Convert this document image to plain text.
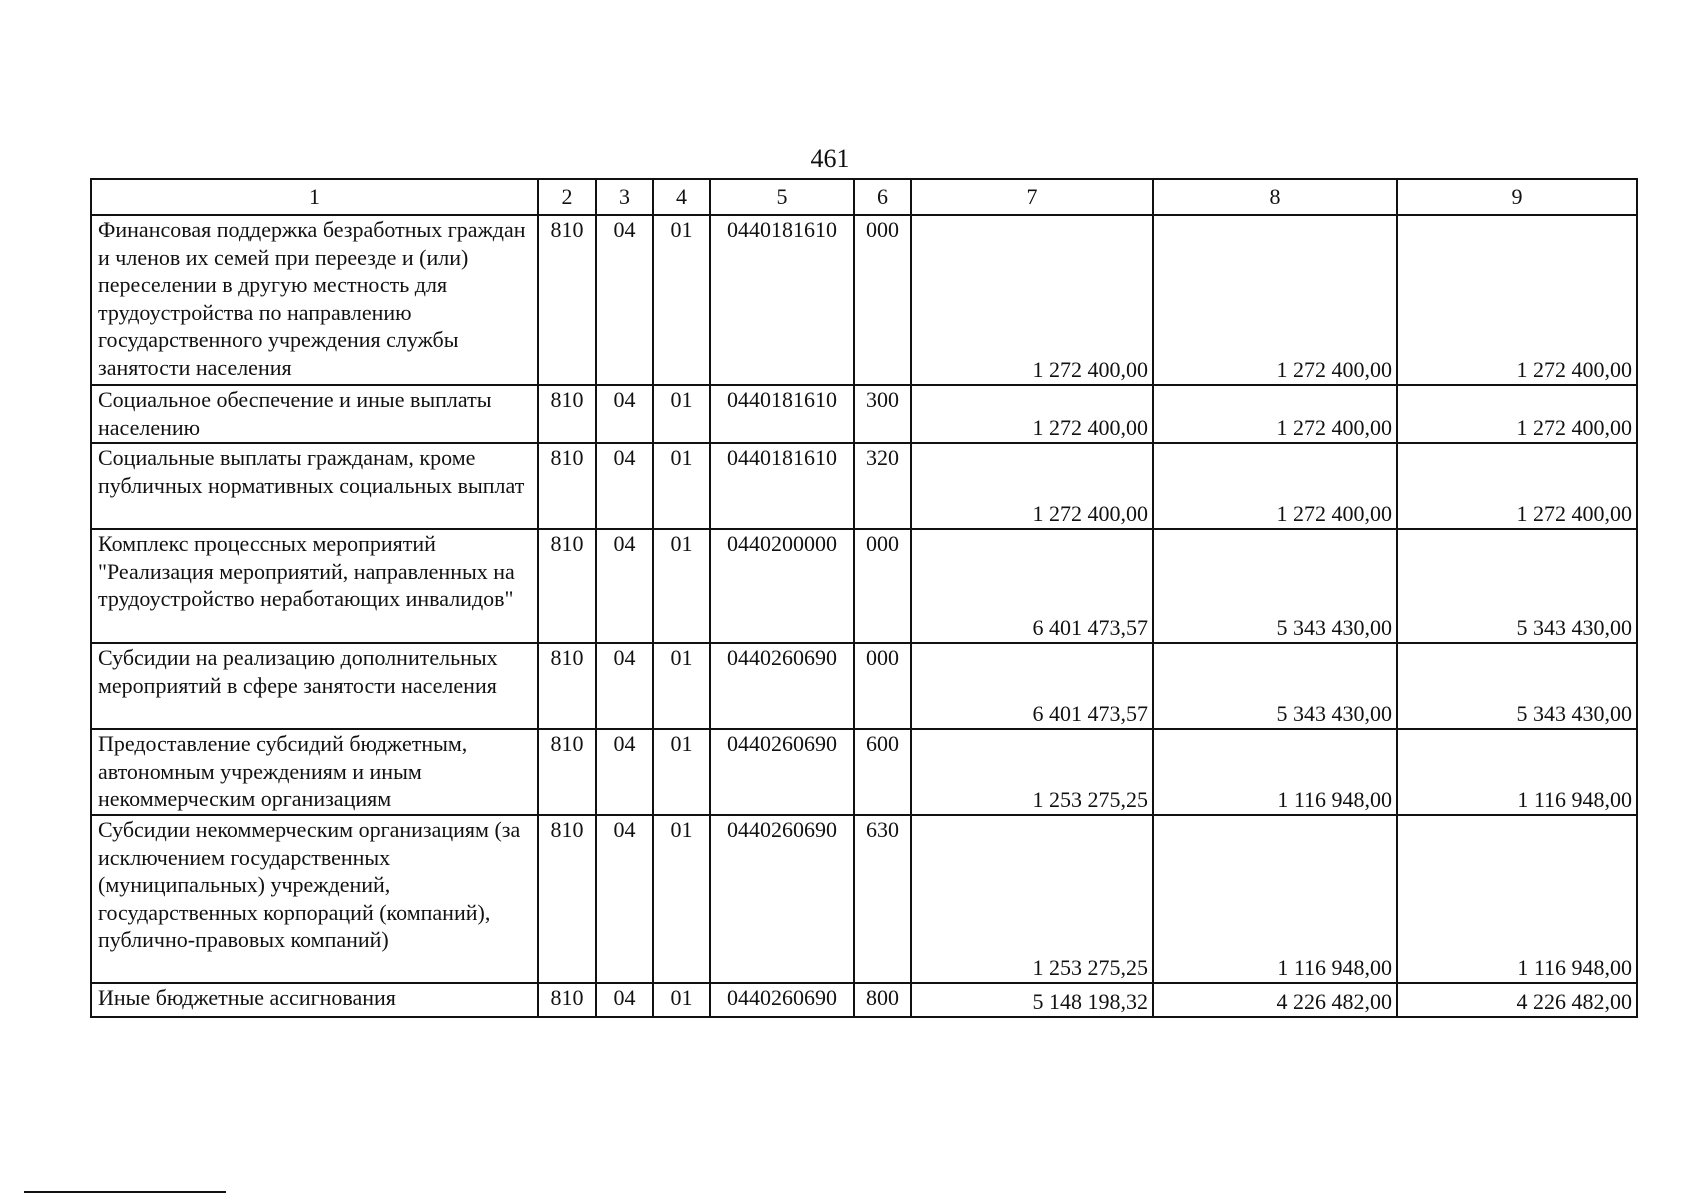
461
1	2	3	4	5	6	7	8	9
Финансовая поддержка безработных граждан и членов их семей при переезде и (или) переселении в другую местность для трудоустройства по направлению государственного учреждения службы занятости населения	810	04	01	0440181610	000	1 272 400,00	1 272 400,00	1 272 400,00
Социальное обеспечение и иные выплаты населению	810	04	01	0440181610	300	1 272 400,00	1 272 400,00	1 272 400,00
Социальные выплаты гражданам, кроме публичных нормативных социальных выплат	810	04	01	0440181610	320	1 272 400,00	1 272 400,00	1 272 400,00
Комплекс процессных мероприятий "Реализация мероприятий, направленных на трудоустройство неработающих инвалидов"	810	04	01	0440200000	000	6 401 473,57	5 343 430,00	5 343 430,00
Субсидии на реализацию дополнительных мероприятий в сфере занятости населения	810	04	01	0440260690	000	6 401 473,57	5 343 430,00	5 343 430,00
Предоставление субсидий бюджетным, автономным учреждениям и иным некоммерческим организациям	810	04	01	0440260690	600	1 253 275,25	1 116 948,00	1 116 948,00
Субсидии некоммерческим организациям (за исключением государственных (муниципальных) учреждений, государственных корпораций (компаний), публично-правовых компаний)	810	04	01	0440260690	630	1 253 275,25	1 116 948,00	1 116 948,00
Иные бюджетные ассигнования	810	04	01	0440260690	800	5 148 198,32	4 226 482,00	4 226 482,00
